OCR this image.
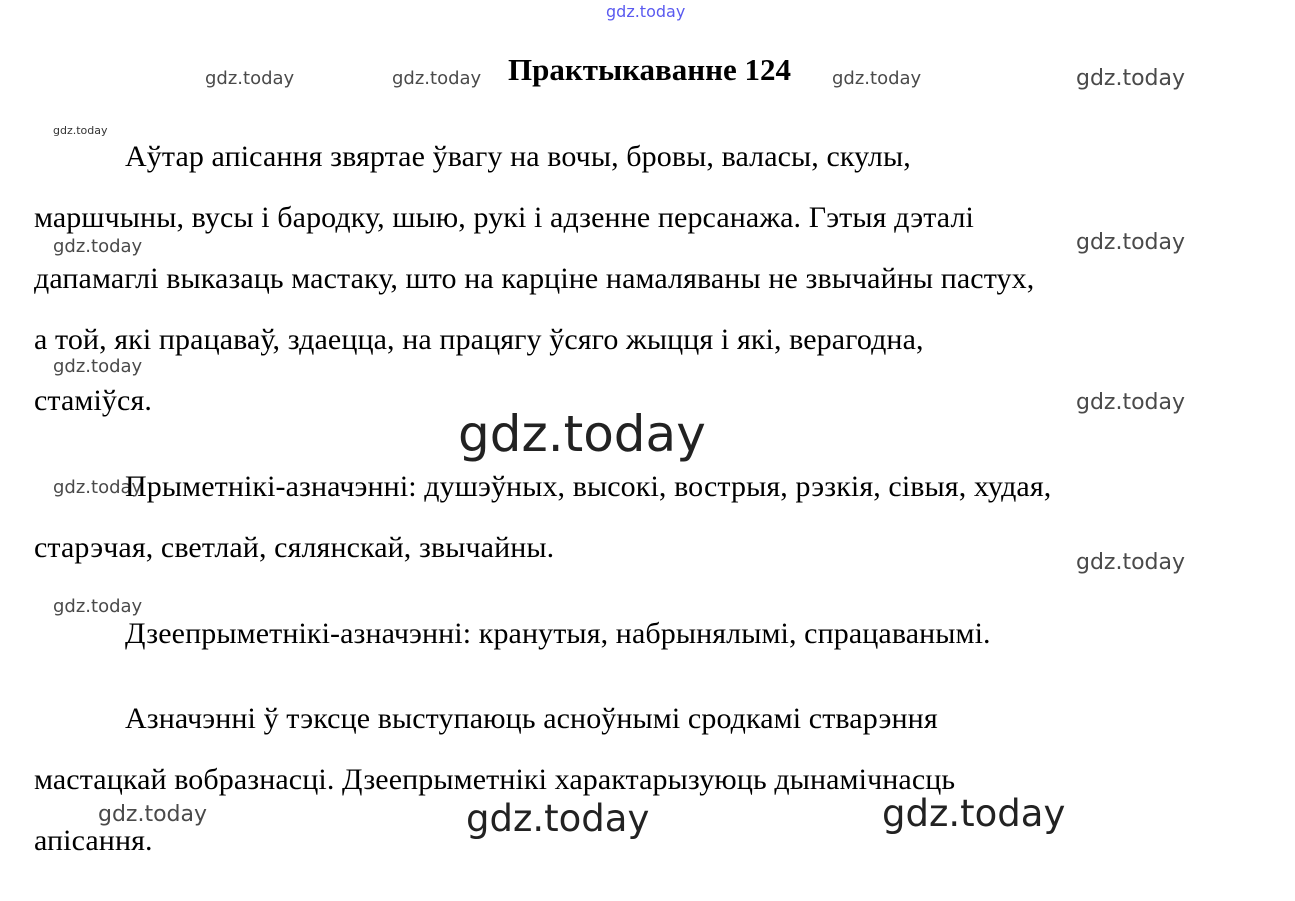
gdz.today
gdz.today	gdz.today	gdz.today	gdz.today
gdz.today
gdz.today	gdz.today
gdz.today
gdz.today
gdz.today
gdz.today
gdz.today
gdz.today
gdz.today	gdz.today	gdz.today
Практыкаванне 124
Аўтар апісання звяртае ўвагу на вочы, бровы, валасы, скулы,
маршчыны, вусы і бародку, шыю, рукі і адзенне персанажа. Гэтыя дэталі
дапамаглі выказаць мастаку, што на карціне намаляваны не звычайны пастух,
а той, які працаваў, здаецца, на працягу ўсяго жыцця і які, верагодна,
стаміўся.
Прыметнікі-азначэнні: душэўных, высокі, вострыя, рэзкія, сівыя, худая,
старэчая, светлай, сялянскай, звычайны.
Дзеепрыметнікі-азначэнні: кранутыя, набрынялымі, спрацаванымі.
Азначэнні ў тэксце выступаюць асноўнымі сродкамі стварэння
мастацкай вобразнасці. Дзеепрыметнікі характарызуюць дынамічнасць
апісання.
